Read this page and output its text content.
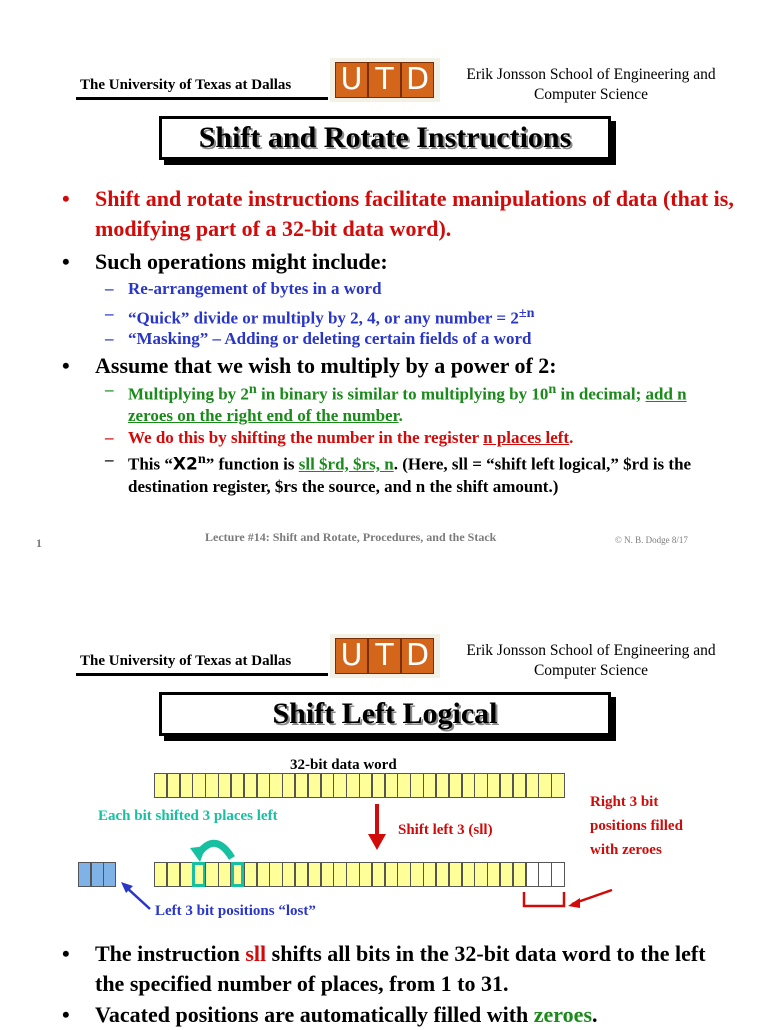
The University of Texas at Dallas U T D	Erik Jonsson School of Engineering and
Computer Science
Shift and Rotate Instructions
• Shift and rotate instructions facilitate manipulations of data (that is, modifying part of a 32-bit data word).
• Such operations might include:
– Re-arrangement of bytes in a word
– “Quick” divide or multiply by 2, 4, or any number = $2^{\pm n}$
– “Masking” – Adding or deleting certain fields of a word
• Assume that we wish to multiply by a power of 2:
– Multiplying by 2$^n$ in binary is similar to multiplying by 10$^n$ in decimal; add n zeroes on the right end of the number.
– We do this by shifting the number in the register n places left.
– This “X2$^n$” function is sll $rd, $rs, n. (Here, sll = “shift left logical,” $rd is the destination register, $rs the source, and n the shift amount.)
1	Lecture #14: Shift and Rotate, Procedures, and the Stack	© N. B. Dodge 8/17
The University of Texas at Dallas U T D	Erik Jonsson School of Engineering and
Computer Science
Shift Left Logical
32-bit data word
Each bit shifted 3 places left
Shift left 3 (sll)
Right 3 bit positions filled with zeroes
Left 3 bit positions “lost”
• The instruction sll shifts all bits in the 32-bit data word to the left the specified number of places, from 1 to 31.
• Vacated positions are automatically filled with zeroes.
